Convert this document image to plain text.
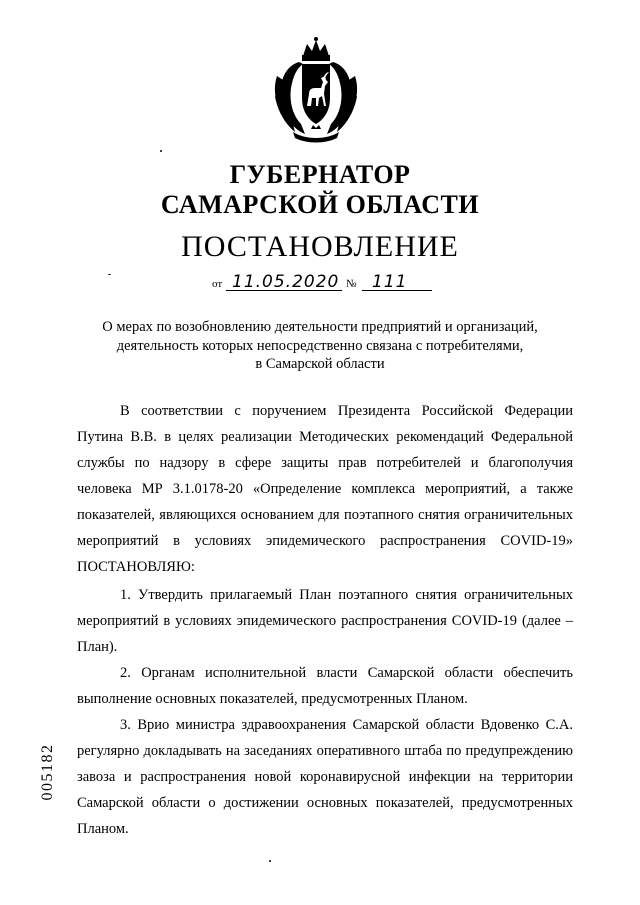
ГУБЕРНАТОР
САМАРСКОЙ ОБЛАСТИ
ПОСТАНОВЛЕНИЕ
от 11.05.2020 № 111
О мерах по возобновлению деятельности предприятий и организаций,
деятельность которых непосредственно связана с потребителями,
в Самарской области

В соответствии с поручением Президента Российской Федерации Путина В.В. в целях реализации Методических рекомендаций Федеральной службы по надзору в сфере защиты прав потребителей и благополучия человека МР 3.1.0178-20 «Определение комплекса мероприятий, а также показателей, являющихся основанием для поэтапного снятия ограничительных мероприятий в условиях эпидемического распространения COVID-19» ПОСТАНОВЛЯЮ:

1. Утвердить прилагаемый План поэтапного снятия ограничительных мероприятий в условиях эпидемического распространения COVID-19 (далее – План).

2. Органам исполнительной власти Самарской области обеспечить выполнение основных показателей, предусмотренных Планом.

3. Врио министра здравоохранения Самарской области Вдовенко С.А. регулярно докладывать на заседаниях оперативного штаба по предупреждению завоза и распространения новой коронавирусной инфекции на территории Самарской области о достижении основных показателей, предусмотренных Планом.

005182
